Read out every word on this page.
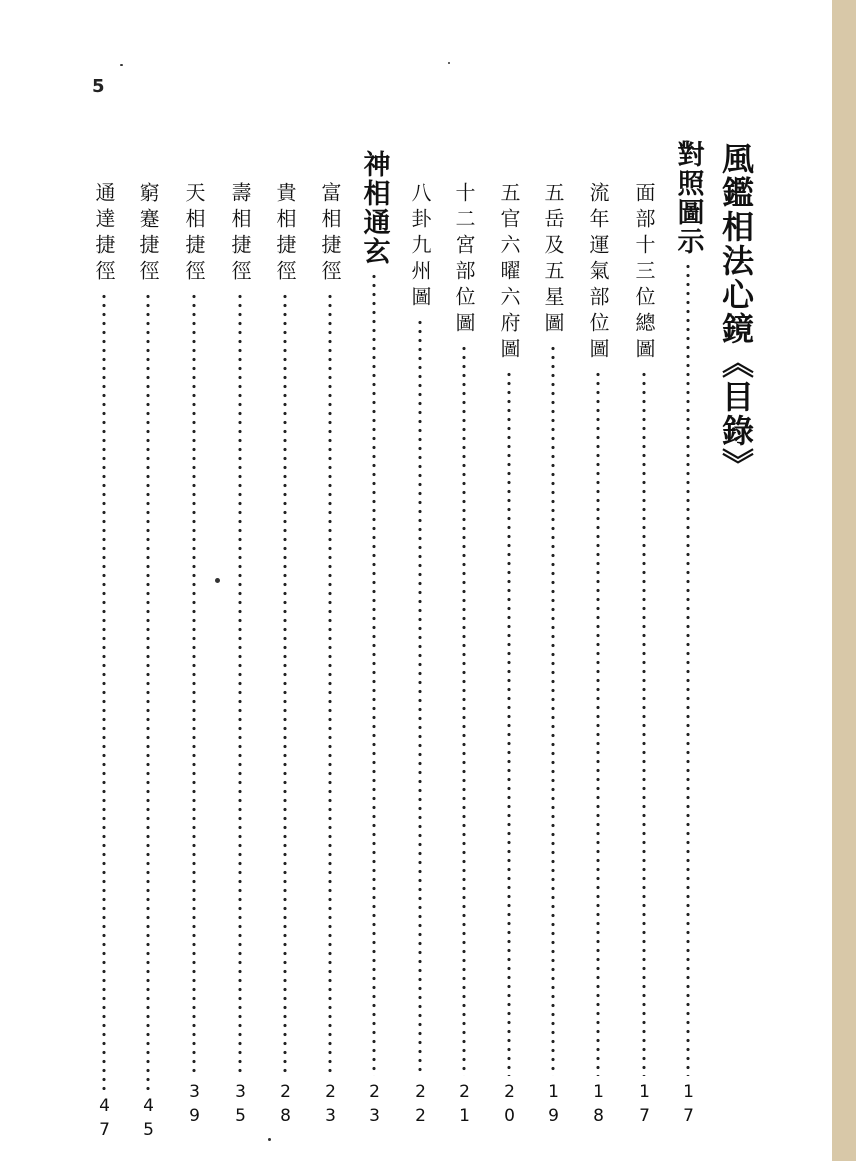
5
風鑑相法心鏡《目錄》
對照圖示
17
面部十三位總圖
17
流年運氣部位圖
18
五岳及五星圖
19
五官六曜六府圖
20
十二宮部位圖
21
八卦九州圖
22
神相通玄
23
富相捷徑
23
貴相捷徑
28
壽相捷徑
35
天相捷徑
39
窮蹇捷徑
45
通達捷徑
47
